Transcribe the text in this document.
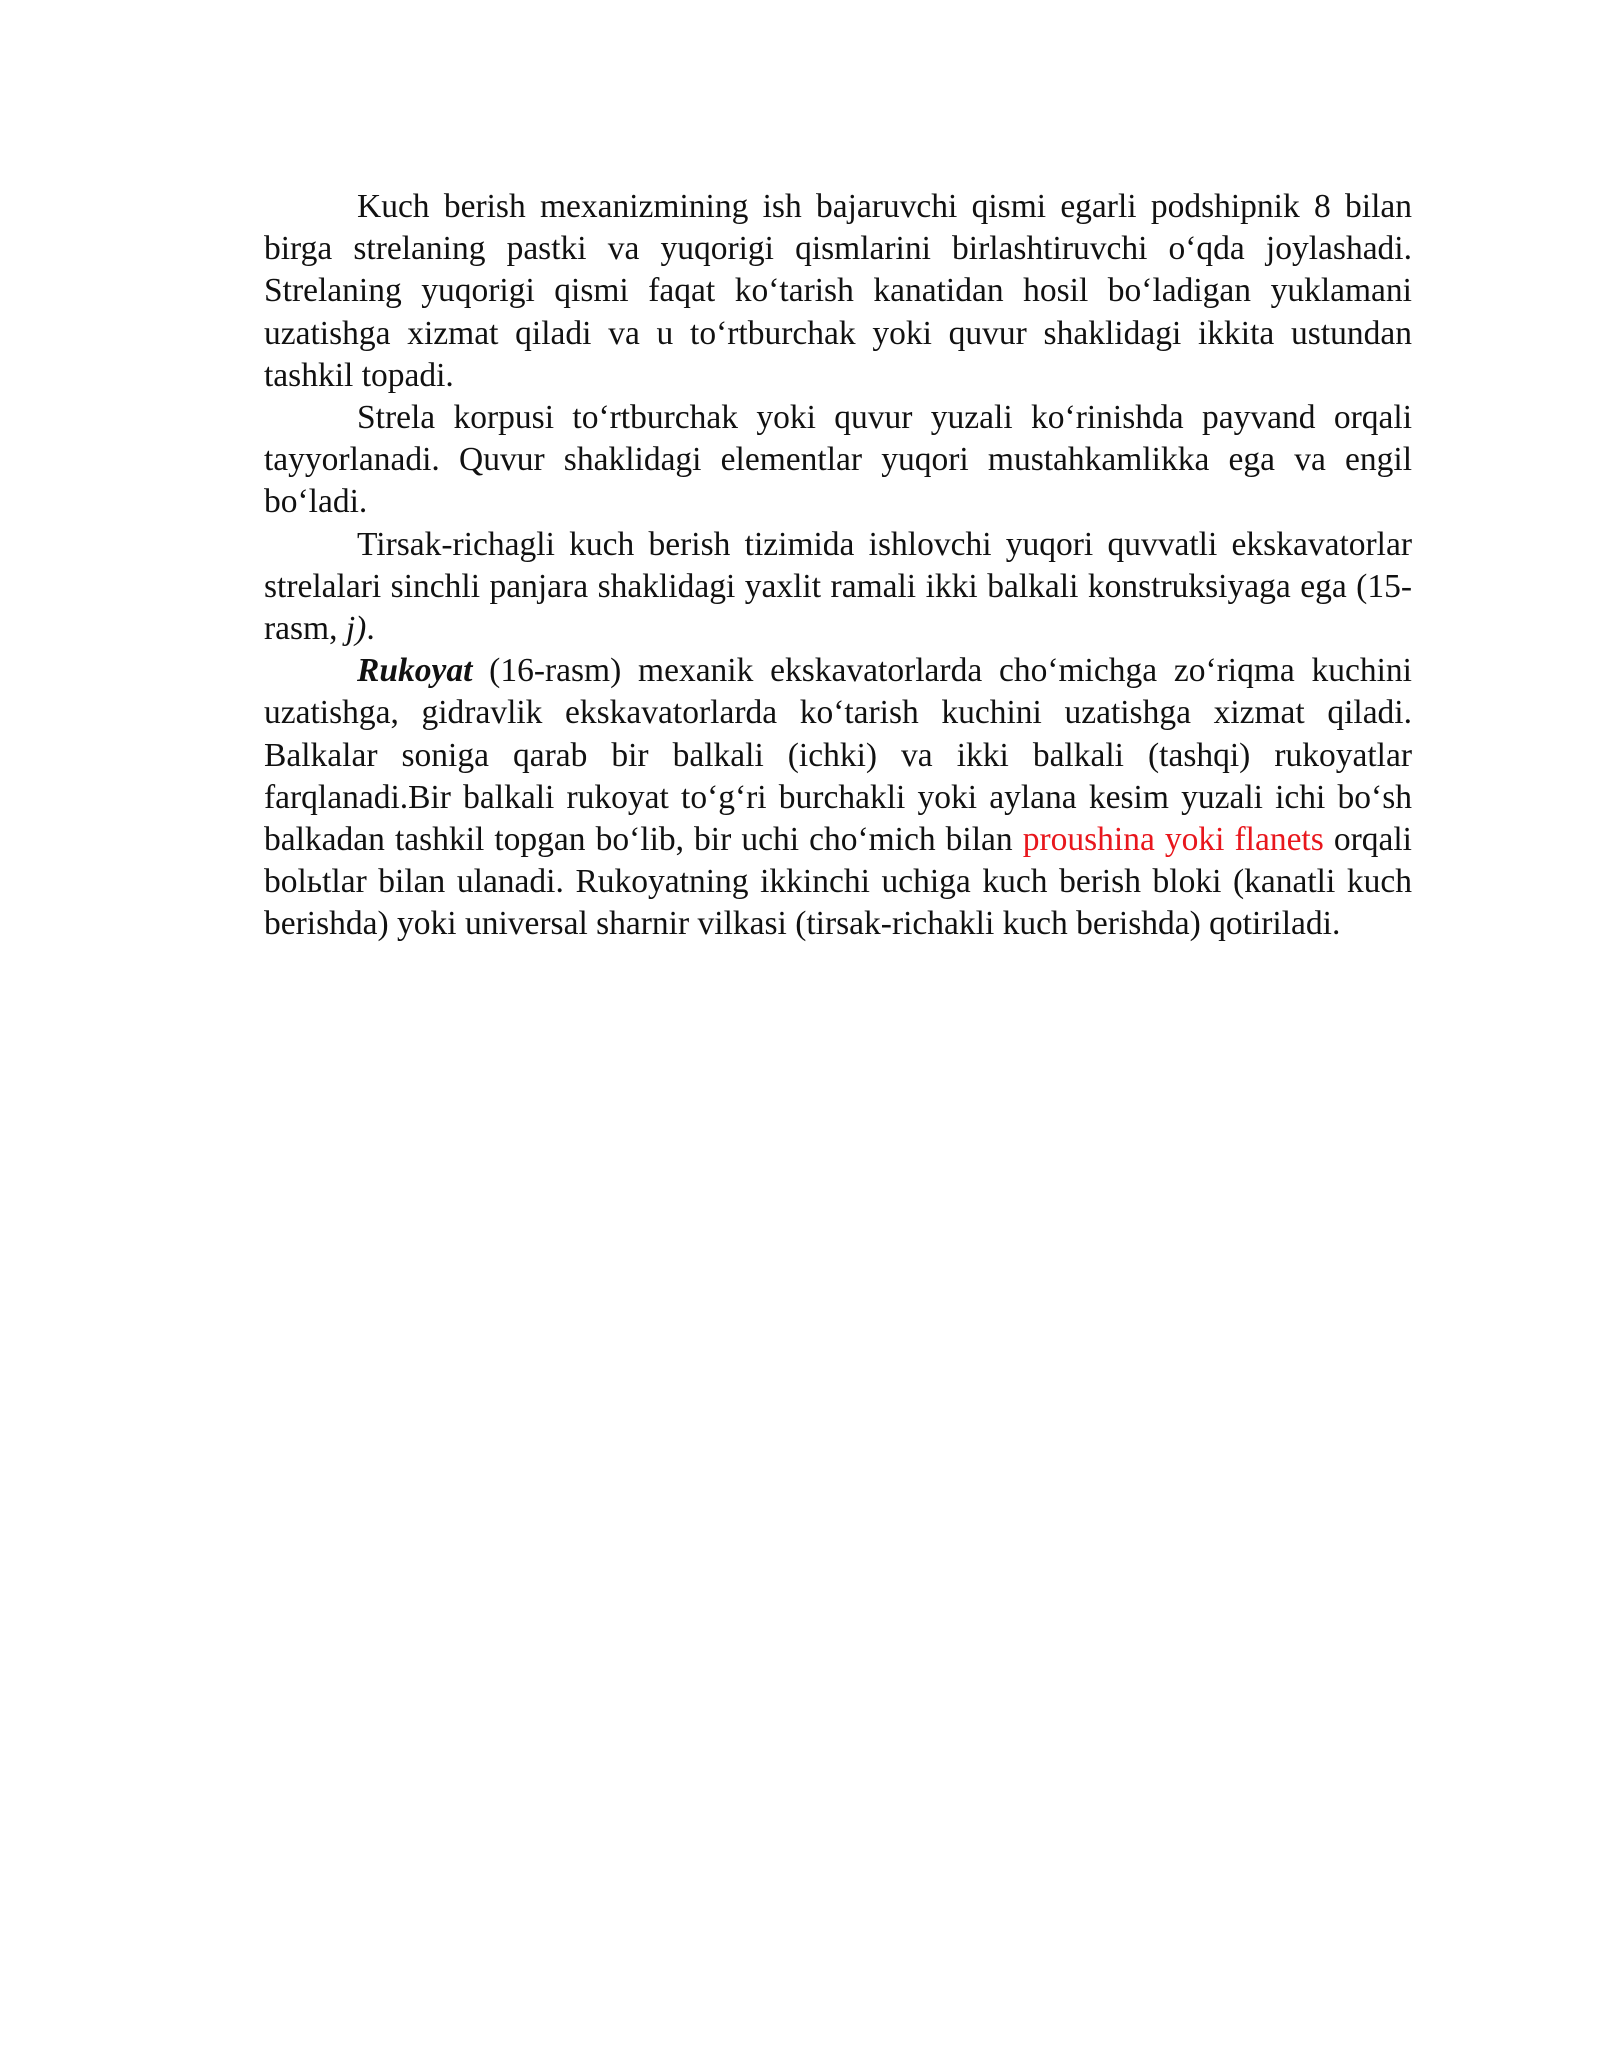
Kuch berish mexanizmining ish bajaruvchi qismi egarli podshipnik 8 bilan birga strelaning pastki va yuqorigi qismlarini birlashtiruvchi o‘qda joylashadi. Strelaning yuqorigi qismi faqat ko‘tarish kanatidan hosil bo‘ladigan yuklamani uzatishga xizmat qiladi va u to‘rtburchak yoki quvur shaklidagi ikkita ustundan tashkil topadi.

Strela korpusi to‘rtburchak yoki quvur yuzali ko‘rinishda payvand orqali tayyorlanadi. Quvur shaklidagi elementlar yuqori mustahkamlikka ega va engil bo‘ladi.

Tirsak-richagli kuch berish tizimida ishlovchi yuqori quvvatli ekskavatorlar strelalari sinchli panjara shaklidagi yaxlit ramali ikki balkali konstruksiyaga ega (15-rasm, j).

Rukoyat (16-rasm) mexanik ekskavatorlarda cho‘michga zo‘riqma kuchini uzatishga, gidravlik ekskavatorlarda ko‘tarish kuchini uzatishga xizmat qiladi. Balkalar soniga qarab bir balkali (ichki) va ikki balkali (tashqi) rukoyatlar farqlanadi.Bir balkali rukoyat to‘g‘ri burchakli yoki aylana kesim yuzali ichi bo‘sh balkadan tashkil topgan bo‘lib, bir uchi cho‘mich bilan proushina yoki flanets orqali bolьtlar bilan ulanadi. Rukoyatning ikkinchi uchiga kuch berish bloki (kanatli kuch berishda) yoki universal sharnir vilkasi (tirsak-richakli kuch berishda) qotiriladi.
